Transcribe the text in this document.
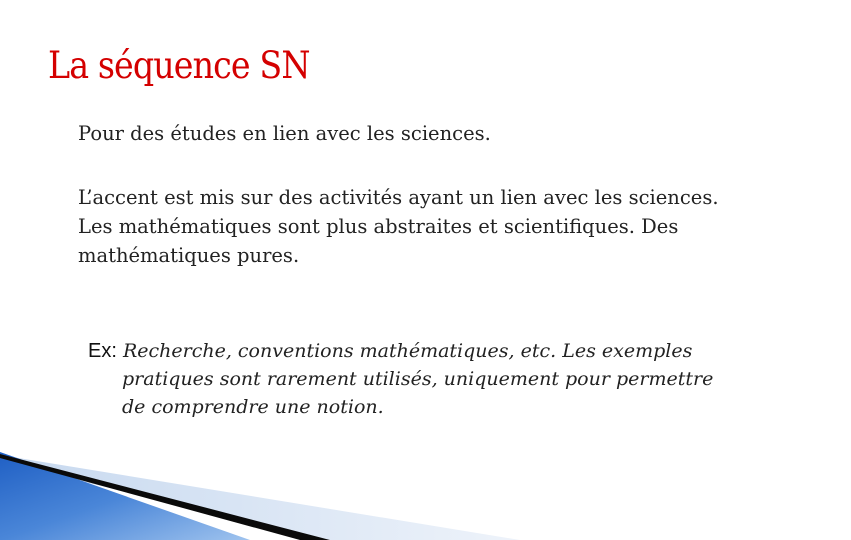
La séquence SN
Pour des études en lien avec les sciences.
L’accent est mis sur des activités ayant un lien avec les sciences.
Les mathématiques sont plus abstraites et scientifiques. Des
mathématiques pures.
Ex: Recherche, conventions mathématiques, etc. Les exemples
pratiques sont rarement utilisés, uniquement pour permettre
de comprendre une notion.
